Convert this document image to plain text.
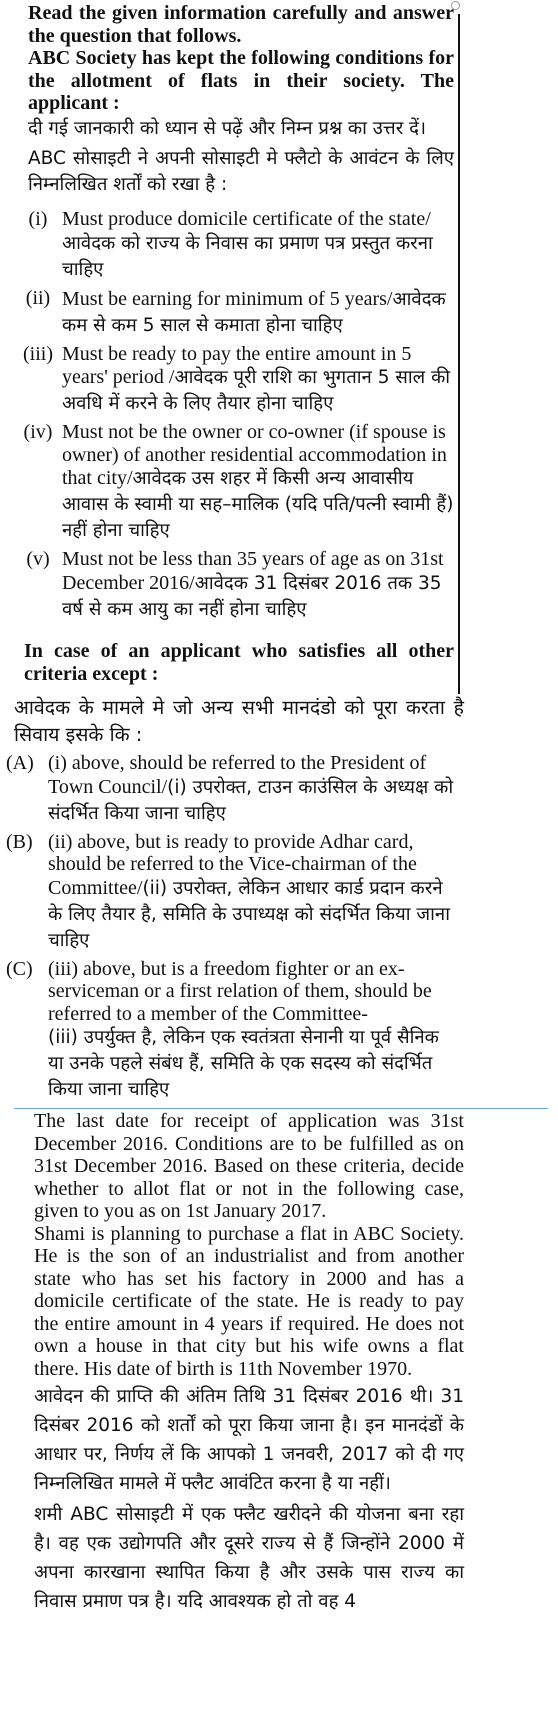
Read the given information carefully and answer the question that follows.

ABC Society has kept the following conditions for the allotment of flats in their society. The applicant :

दी गई जानकारी को ध्यान से पढ़ें और निम्न प्रश्न का उत्तर दें।

ABC सोसाइटी ने अपनी सोसाइटी मे फ्लैटो के आवंटन के लिए निम्नलिखित शर्तों को रखा है :

(i) Must produce domicile certificate of the state/आवेदक को राज्य के निवास का प्रमाण पत्र प्रस्तुत करना चाहिए
(ii) Must be earning for minimum of 5 years/आवेदक कम से कम 5 साल से कमाता होना चाहिए
(iii) Must be ready to pay the entire amount in 5 years' period /आवेदक पूरी राशि का भुगतान 5 साल की अवधि में करने के लिए तैयार होना चाहिए
(iv) Must not be the owner or co-owner (if spouse is owner) of another residential accommodation in that city/आवेदक उस शहर में किसी अन्य आवासीय आवास के स्वामी या सह–मालिक (यदि पति/पत्नी स्वामी हैं) नहीं होना चाहिए
(v) Must not be less than 35 years of age as on 31st December 2016/आवेदक 31 दिसंबर 2016 तक 35 वर्ष से कम आयु का नहीं होना चाहिए

In case of an applicant who satisfies all other criteria except :

आवेदक के मामले मे जो अन्य सभी मानदंडो को पूरा करता है सिवाय इसके कि :

(A) (i) above, should be referred to the President of Town Council/(i) उपरोक्त, टाउन काउंसिल के अध्यक्ष को संदर्भित किया जाना चाहिए
(B) (ii) above, but is ready to provide Adhar card, should be referred to the Vice-chairman of the Committee/(ii) उपरोक्त, लेकिन आधार कार्ड प्रदान करने के लिए तैयार है, समिति के उपाध्यक्ष को संदर्भित किया जाना चाहिए
(C) (iii) above, but is a freedom fighter or an ex-serviceman or a first relation of them, should be referred to a member of the Committee-
(iii) उपर्युक्त है, लेकिन एक स्वतंत्रता सेनानी या पूर्व सैनिक या उनके पहले संबंध हैं, समिति के एक सदस्य को संदर्भित किया जाना चाहिए

The last date for receipt of application was 31st December 2016. Conditions are to be fulfilled as on 31st December 2016. Based on these criteria, decide whether to allot flat or not in the following case, given to you as on 1st January 2017.

Shami is planning to purchase a flat in ABC Society. He is the son of an industrialist and from another state who has set his factory in 2000 and has a domicile certificate of the state. He is ready to pay the entire amount in 4 years if required. He does not own a house in that city but his wife owns a flat there. His date of birth is 11th November 1970.

आवेदन की प्राप्ति की अंतिम तिथि 31 दिसंबर 2016 थी। 31 दिसंबर 2016 को शर्तों को पूरा किया जाना है। इन मानदंडों के आधार पर, निर्णय लें कि आपको 1 जनवरी, 2017 को दी गए निम्नलिखित मामले में फ्लैट आवंटित करना है या नहीं।

शमी ABC सोसाइटी में एक फ्लैट खरीदने की योजना बना रहा है। वह एक उद्योगपति और दूसरे राज्य से हैं जिन्होंने 2000 में अपना कारखाना स्थापित किया है और उसके पास राज्य का निवास प्रमाण पत्र है। यदि आवश्यक हो तो वह 4
